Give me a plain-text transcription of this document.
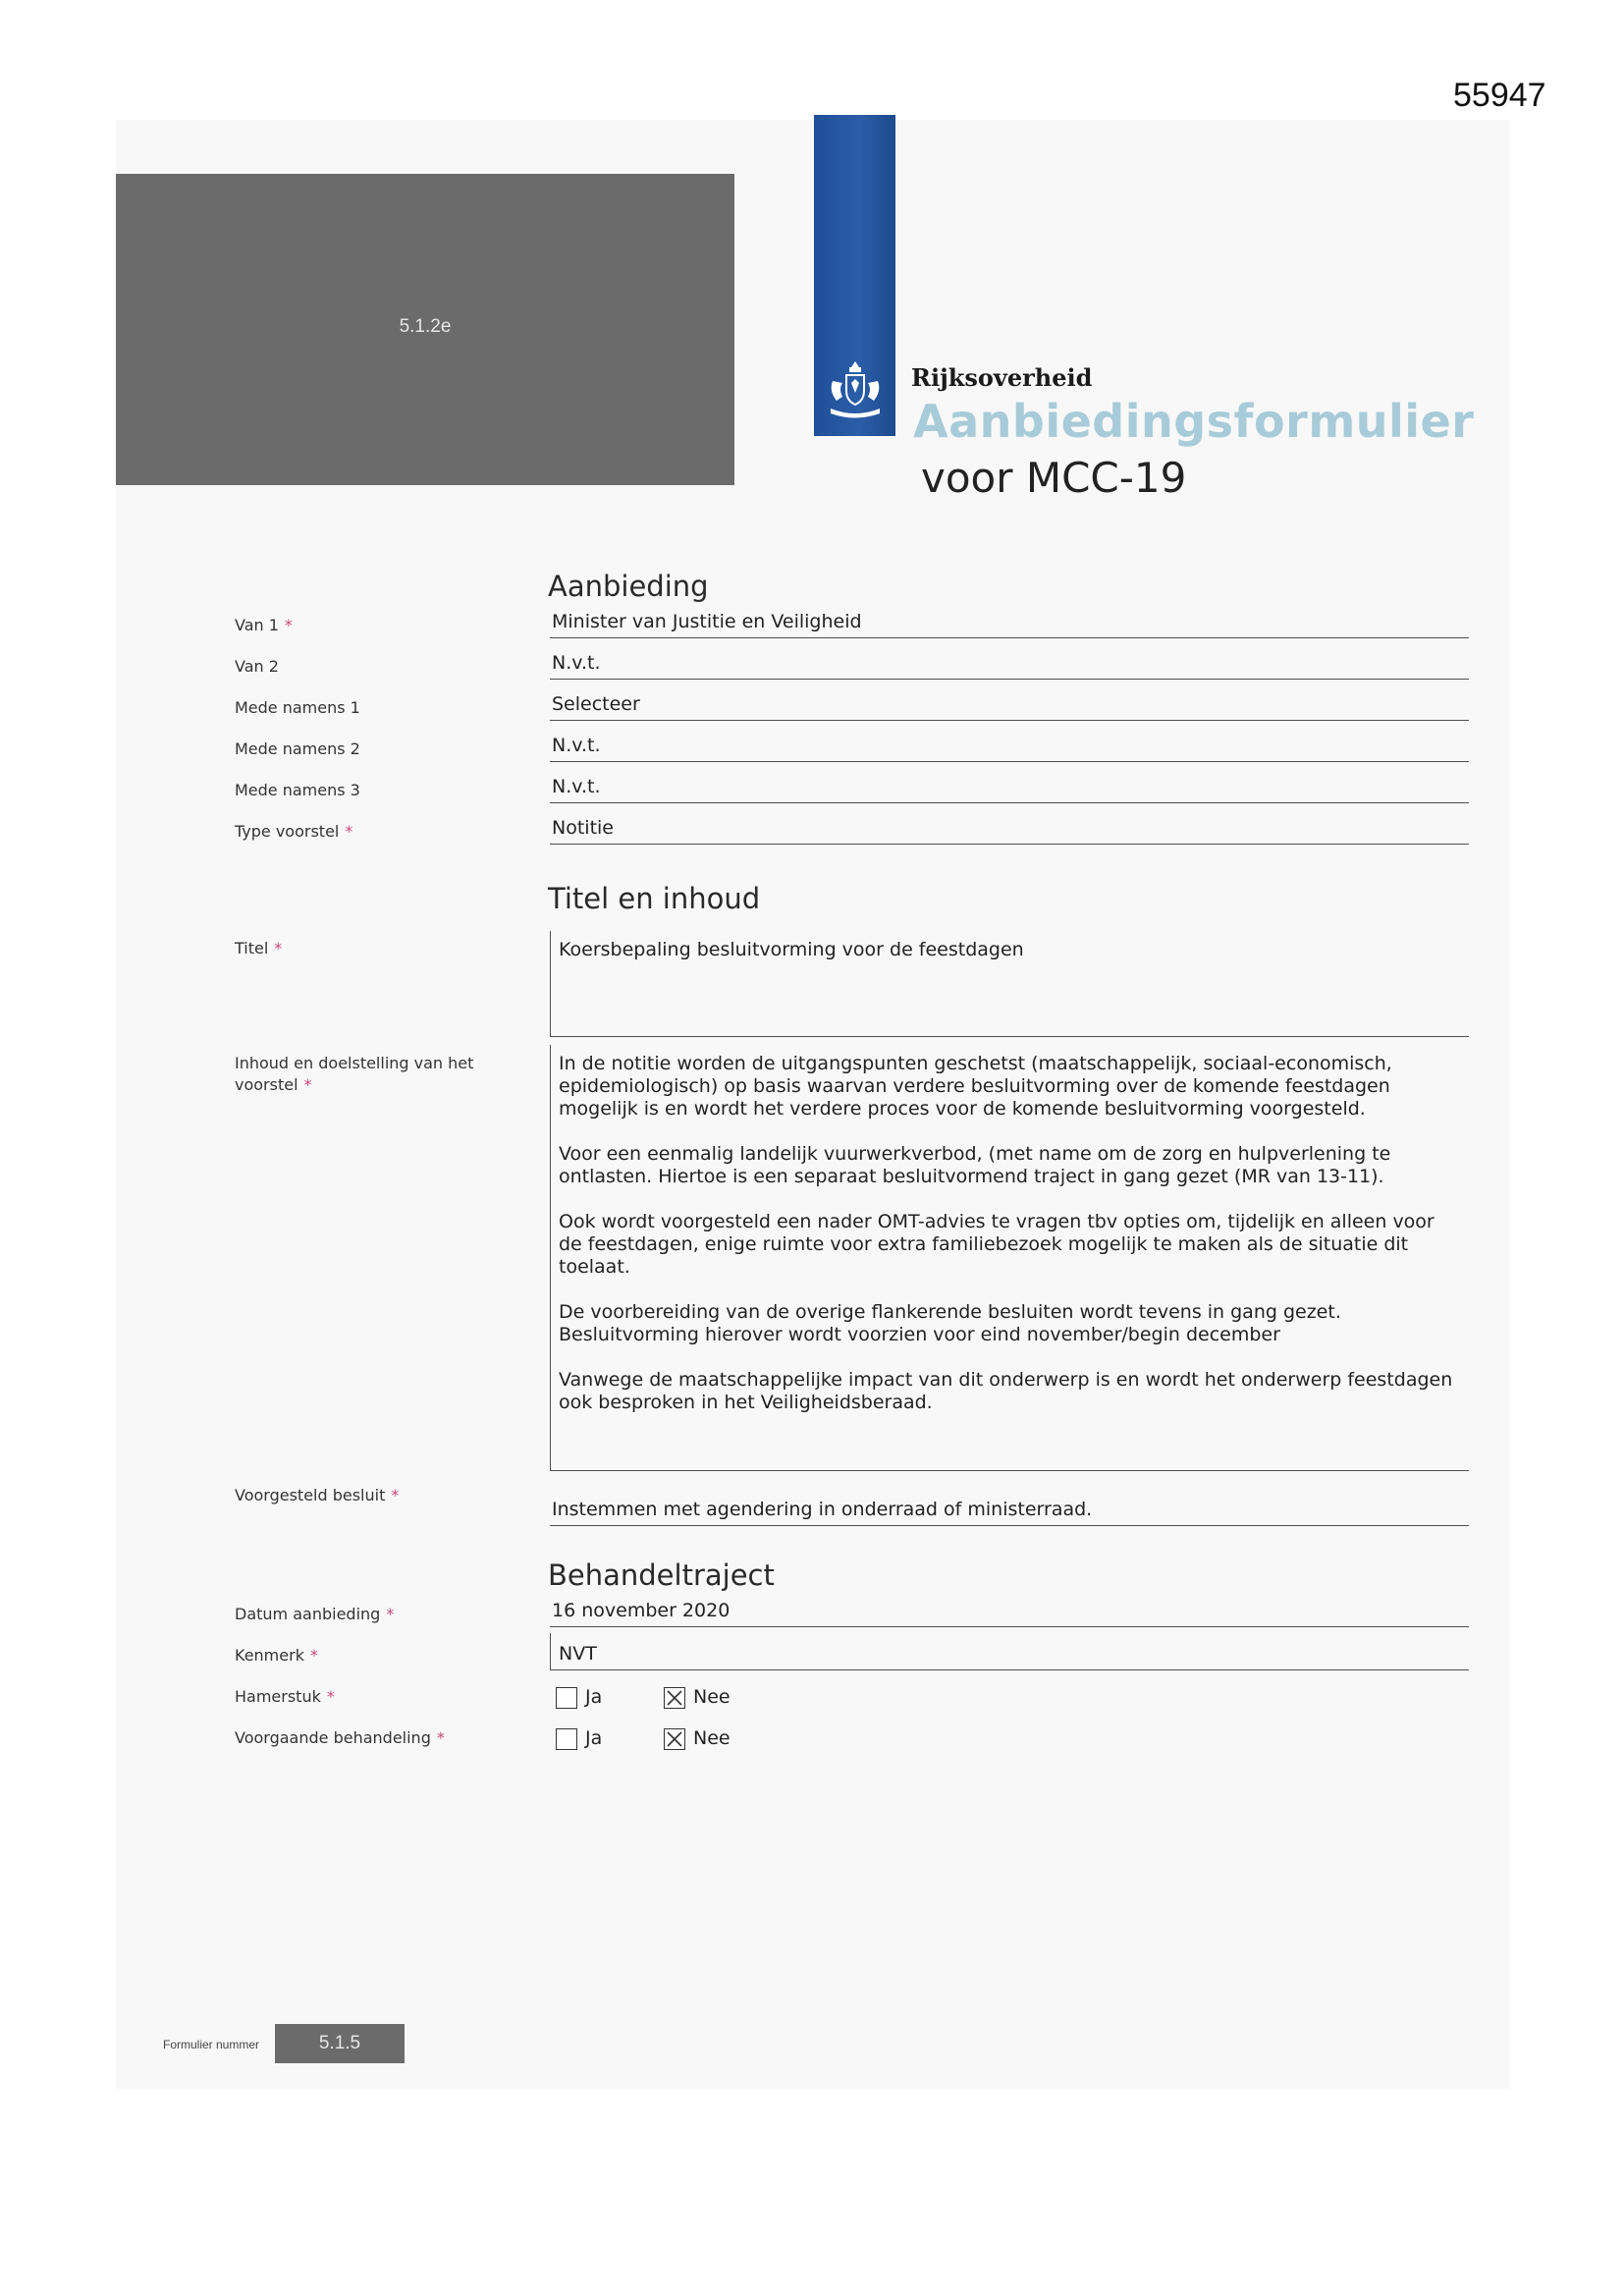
55947
5.1.2e
Rijksoverheid
Aanbiedingsformulier
voor MCC-19
Aanbieding
Van 1 *	Minister van Justitie en Veiligheid
Van 2	N.v.t.
Mede namens 1	Selecteer
Mede namens 2	N.v.t.
Mede namens 3	N.v.t.
Type voorstel *	Notitie
Titel en inhoud
Titel *	Koersbepaling besluitvorming voor de feestdagen
Inhoud en doelstelling van het
voorstel *

In de notitie worden de uitgangspunten geschetst (maatschappelijk, sociaal-economisch, epidemiologisch) op basis waarvan verdere besluitvorming over de komende feestdagen mogelijk is en wordt het verdere proces voor de komende besluitvorming voorgesteld.

Voor een eenmalig landelijk vuurwerkverbod, (met name om de zorg en hulpverlening te ontlasten. Hiertoe is een separaat besluitvormend traject in gang gezet (MR van 13-11).

Ook wordt voorgesteld een nader OMT-advies te vragen tbv opties om, tijdelijk en alleen voor de feestdagen, enige ruimte voor extra familiebezoek mogelijk te maken als de situatie dit toelaat.

De voorbereiding van de overige flankerende besluiten wordt tevens in gang gezet. Besluitvorming hierover wordt voorzien voor eind november/begin december

Vanwege de maatschappelijke impact van dit onderwerp is en wordt het onderwerp feestdagen ook besproken in het Veiligheidsberaad.

Voorgesteld besluit *
Instemmen met agendering in onderraad of ministerraad.
Behandeltraject
Datum aanbieding *	16 november 2020
Kenmerk *	NVT
Hamerstuk *	Ja	Nee
Voorgaande behandeling *	Ja	Nee
Formulier nummer	5.1.5
